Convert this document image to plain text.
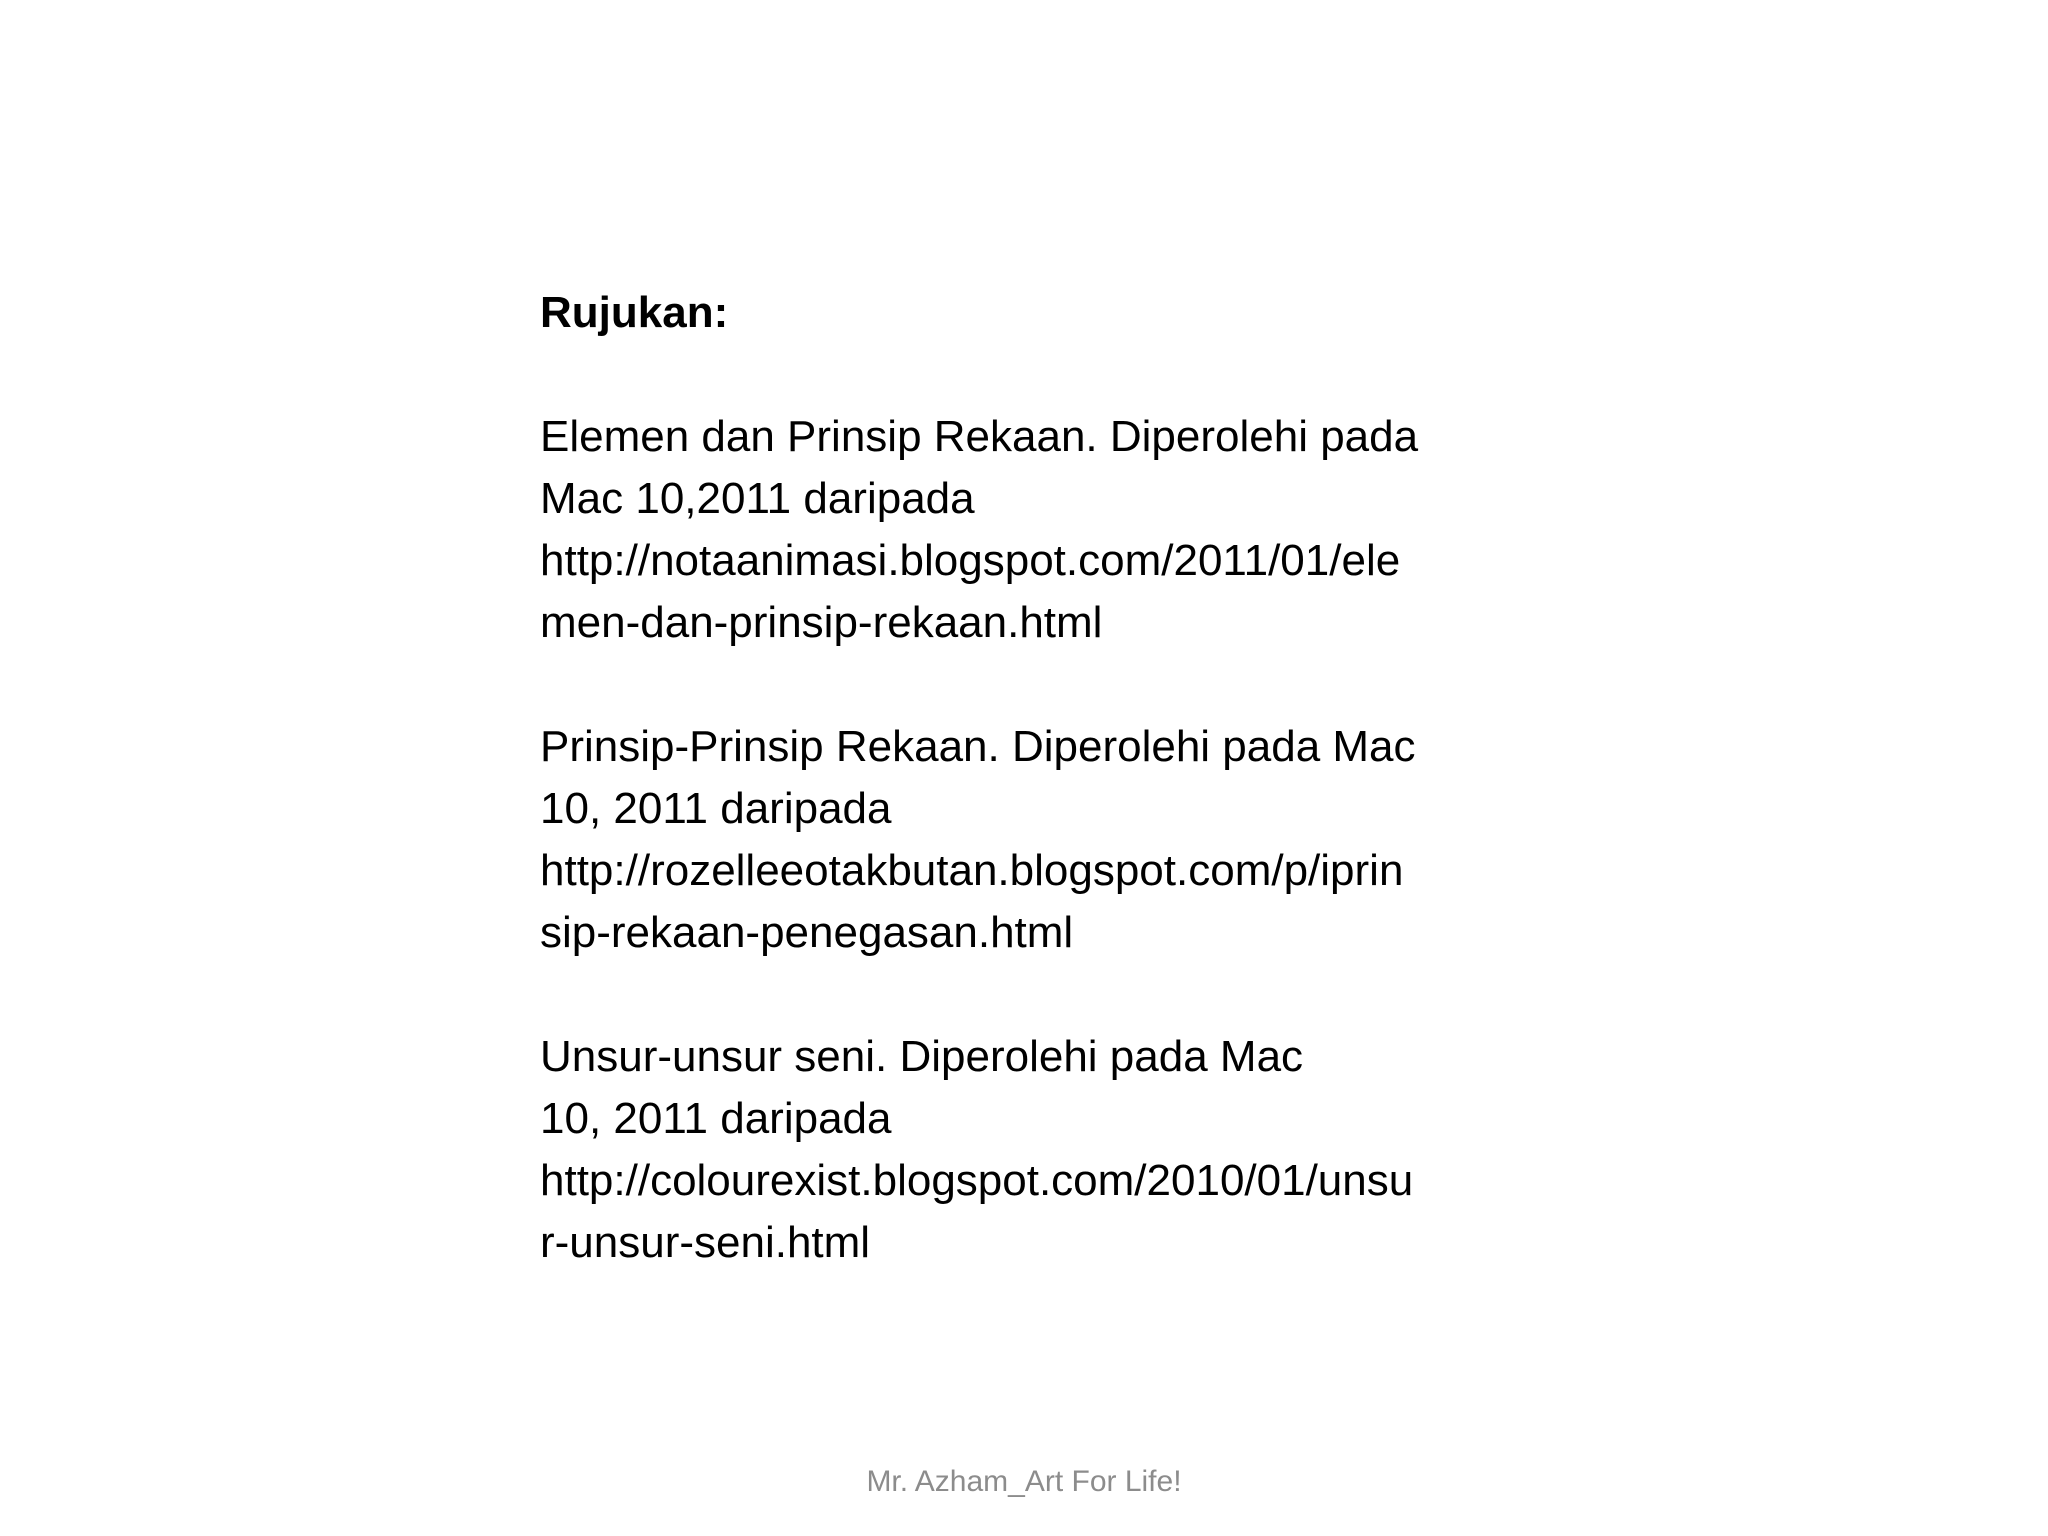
Rujukan:

Elemen dan Prinsip Rekaan. Diperolehi pada
Mac 10,2011 daripada
http://notaanimasi.blogspot.com/2011/01/ele
men-dan-prinsip-rekaan.html
Prinsip-Prinsip Rekaan. Diperolehi pada Mac
10, 2011 daripada
http://rozelleeotakbutan.blogspot.com/p/iprin
sip-rekaan-penegasan.html
Unsur-unsur seni. Diperolehi pada Mac
10, 2011 daripada
http://colourexist.blogspot.com/2010/01/unsu
r-unsur-seni.html
Mr. Azham_Art For Life!
